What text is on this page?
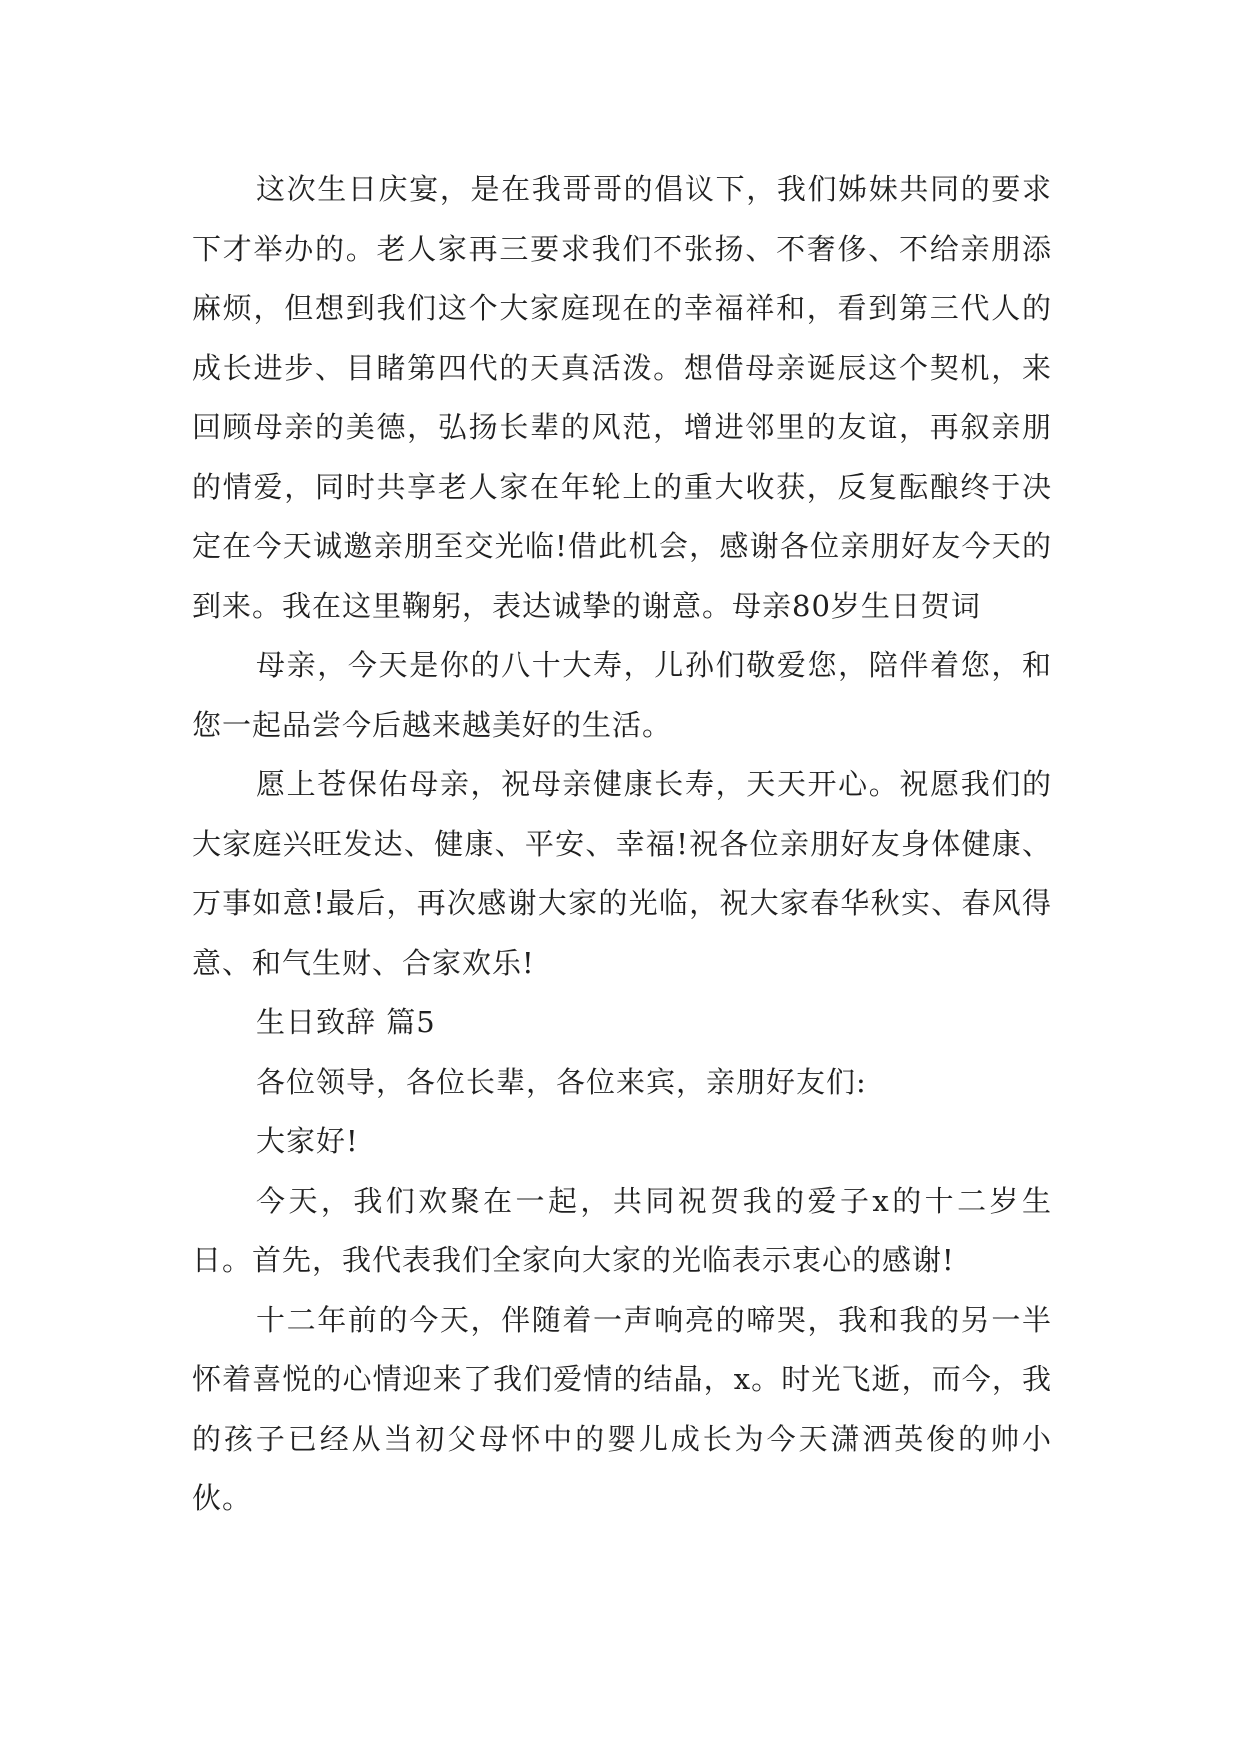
这次生日庆宴，是在我哥哥的倡议下，我们姊妹共同的要求下才举办的。老人家再三要求我们不张扬、不奢侈、不给亲朋添麻烦，但想到我们这个大家庭现在的幸福祥和，看到第三代人的成长进步、目睹第四代的天真活泼。想借母亲诞辰这个契机，来回顾母亲的美德，弘扬长辈的风范，增进邻里的友谊，再叙亲朋的情爱，同时共享老人家在年轮上的重大收获，反复酝酿终于决定在今天诚邀亲朋至交光临!借此机会，感谢各位亲朋好友今天的到来。我在这里鞠躬，表达诚挚的谢意。母亲80岁生日贺词

母亲，今天是你的八十大寿，儿孙们敬爱您，陪伴着您，和您一起品尝今后越来越美好的生活。

愿上苍保佑母亲，祝母亲健康长寿，天天开心。祝愿我们的大家庭兴旺发达、健康、平安、幸福!祝各位亲朋好友身体健康、万事如意!最后，再次感谢大家的光临，祝大家春华秋实、春风得意、和气生财、合家欢乐!

生日致辞 篇5

各位领导，各位长辈，各位来宾，亲朋好友们:

大家好!

今天，我们欢聚在一起，共同祝贺我的爱子x的十二岁生日。首先，我代表我们全家向大家的光临表示衷心的感谢!

十二年前的今天，伴随着一声响亮的啼哭，我和我的另一半怀着喜悦的心情迎来了我们爱情的结晶，x。时光飞逝，而今，我的孩子已经从当初父母怀中的婴儿成长为今天潇洒英俊的帅小伙。
